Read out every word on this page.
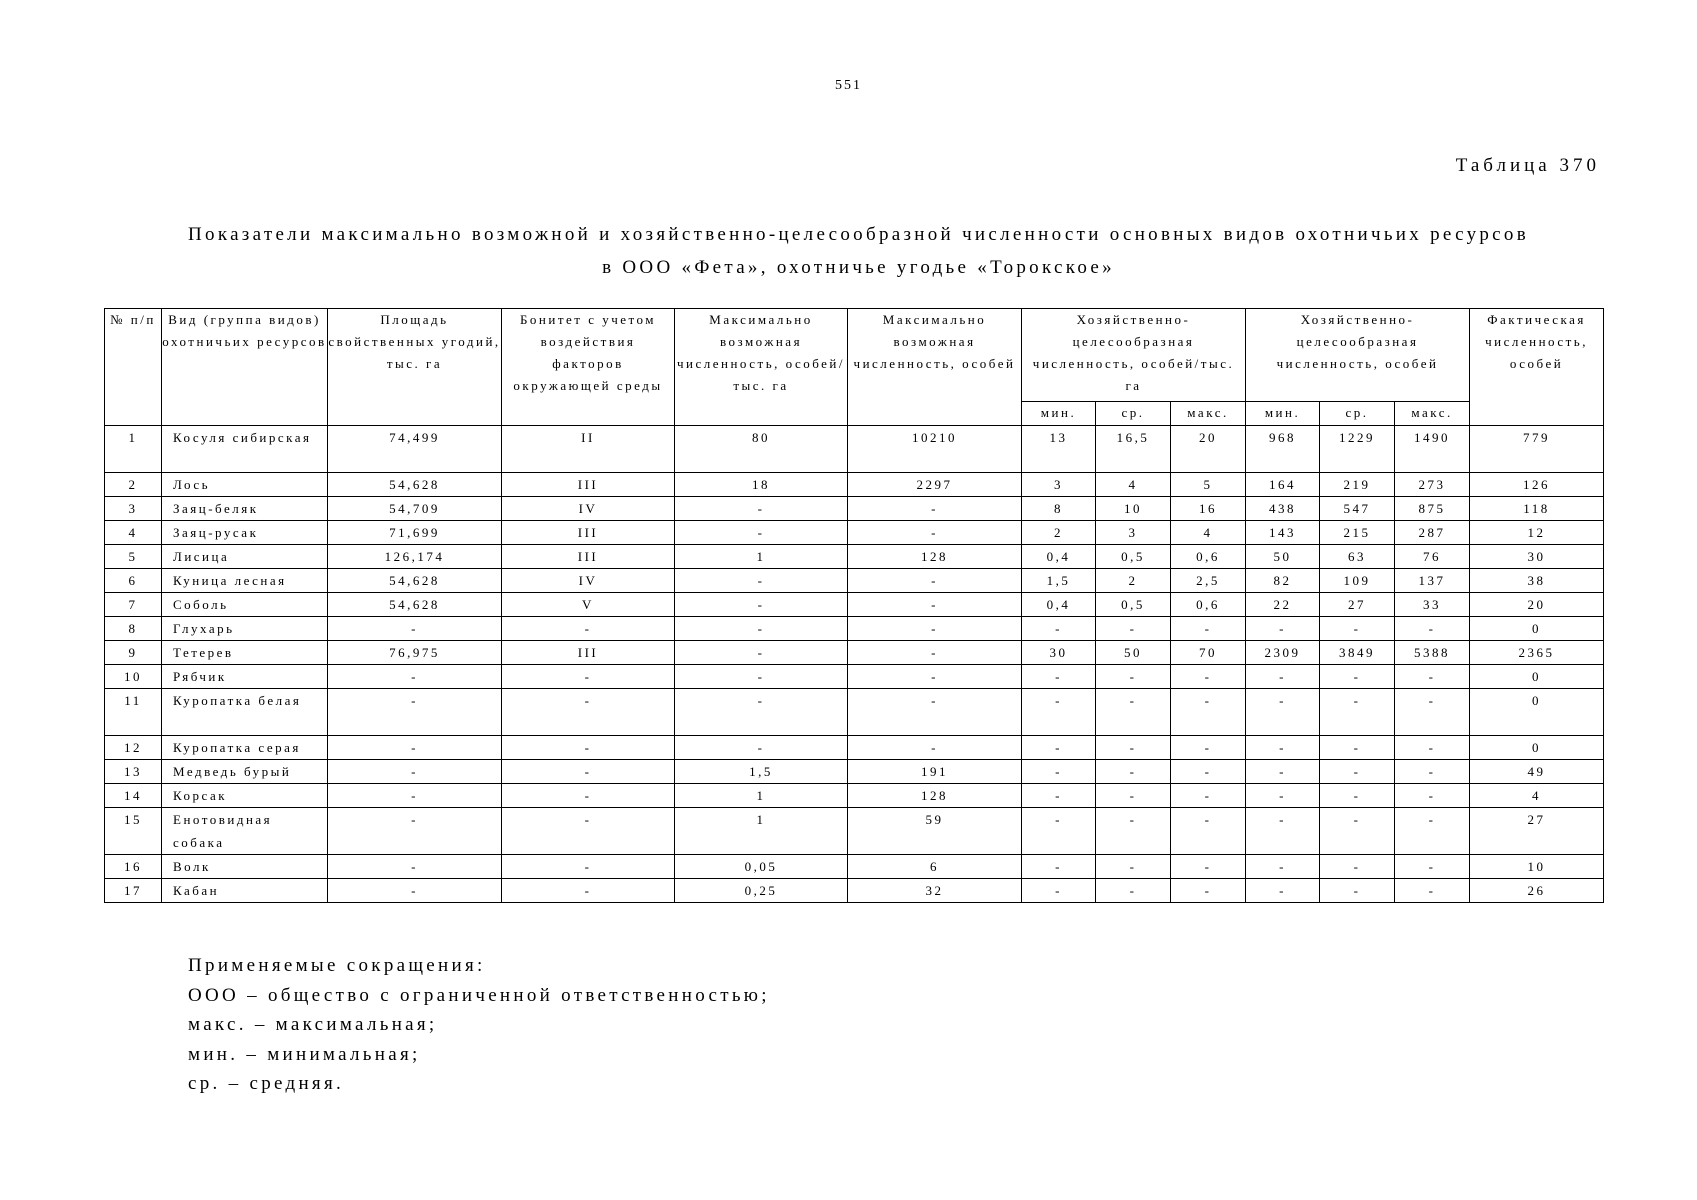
551
Таблица 370
Показатели максимально возможной и хозяйственно-целесообразной численности основных видов охотничьих ресурсов
в ООО «Фета», охотничье угодье «Торокское»
№ п/п	Вид (группа видов) охотничьих ресурсов	Площадь свойственных угодий, тыс. га	Бонитет с учетом воздействия факторов окружающей среды	Максимально возможная численность, особей/тыс. га	Максимально возможная численность, особей	Хозяйственно-целесообразная численность, особей/тыс. га			Хозяйственно-целесообразная численность, особей			Фактическая численность, особей
						мин.	ср.	макс.	мин.	ср.	макс.	
1	Косуля сибирская	74,499	II	80	10210	13	16,5	20	968	1229	1490	779
2	Лось	54,628	III	18	2297	3	4	5	164	219	273	126
3	Заяц-беляк	54,709	IV	-	-	8	10	16	438	547	875	118
4	Заяц-русак	71,699	III	-	-	2	3	4	143	215	287	12
5	Лисица	126,174	III	1	128	0,4	0,5	0,6	50	63	76	30
6	Куница лесная	54,628	IV	-	-	1,5	2	2,5	82	109	137	38
7	Соболь	54,628	V	-	-	0,4	0,5	0,6	22	27	33	20
8	Глухарь	-	-	-	-	-	-	-	-	-	-	0
9	Тетерев	76,975	III	-	-	30	50	70	2309	3849	5388	2365
10	Рябчик	-	-	-	-	-	-	-	-	-	-	0
11	Куропатка белая	-	-	-	-	-	-	-	-	-	-	0
12	Куропатка серая	-	-	-	-	-	-	-	-	-	-	0
13	Медведь бурый	-	-	1,5	191	-	-	-	-	-	-	49
14	Корсак	-	-	1	128	-	-	-	-	-	-	4
15	Енотовидная собака	-	-	1	59	-	-	-	-	-	-	27
16	Волк	-	-	0,05	6	-	-	-	-	-	-	10
17	Кабан	-	-	0,25	32	-	-	-	-	-	-	26
Применяемые сокращения:
ООО – общество с ограниченной ответственностью;
макс. – максимальная;
мин. – минимальная;
ср. – средняя.
